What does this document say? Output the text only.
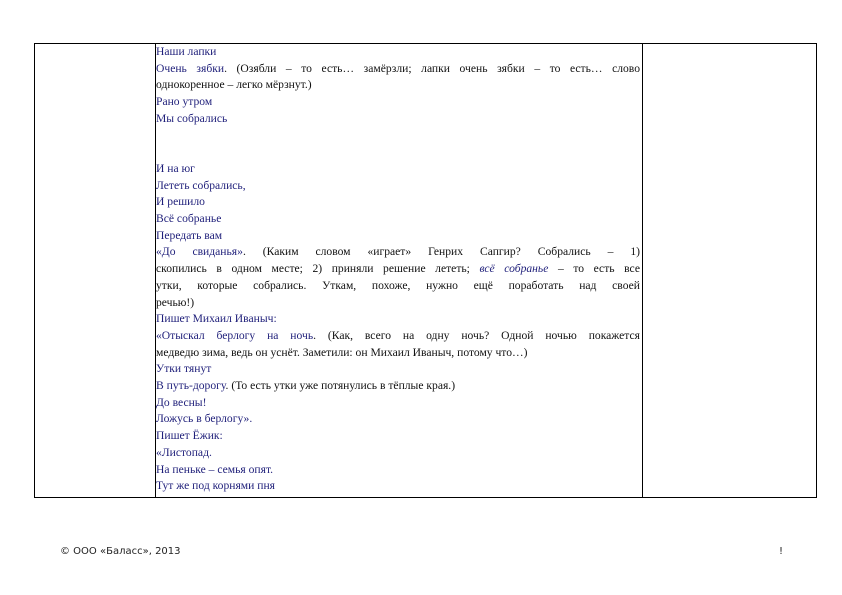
Наши лапки
Очень зябки. (Озябли – то есть… замёрзли; лапки очень зябки – то есть… слово
однокоренное – легко мёрзнут.)
Рано утром
Мы собрались
И на юг
Лететь собрались,
И решило
Всё собранье
Передать вам
«До свиданья». (Каким словом «играет» Генрих Сапгир? Собрались – 1)
скопились в одном месте; 2) приняли решение лететь; всё собранье – то есть все
утки, которые собрались. Уткам, похоже, нужно ещё поработать над своей
речью!)
Пишет Михаил Иваныч:
«Отыскал берлогу на ночь. (Как, всего на одну ночь? Одной ночью покажется
медведю зима, ведь он уснёт. Заметили: он Михаил Иваныч, потому что…)
Утки тянут
В путь-дорогу. (То есть утки уже потянулись в тёплые края.)
До весны!
Ложусь в берлогу».
Пишет Ёжик:
«Листопад.
На пеньке – семья опят.
Тут же под корнями пня
© ООО «Баласс», 2013	!
